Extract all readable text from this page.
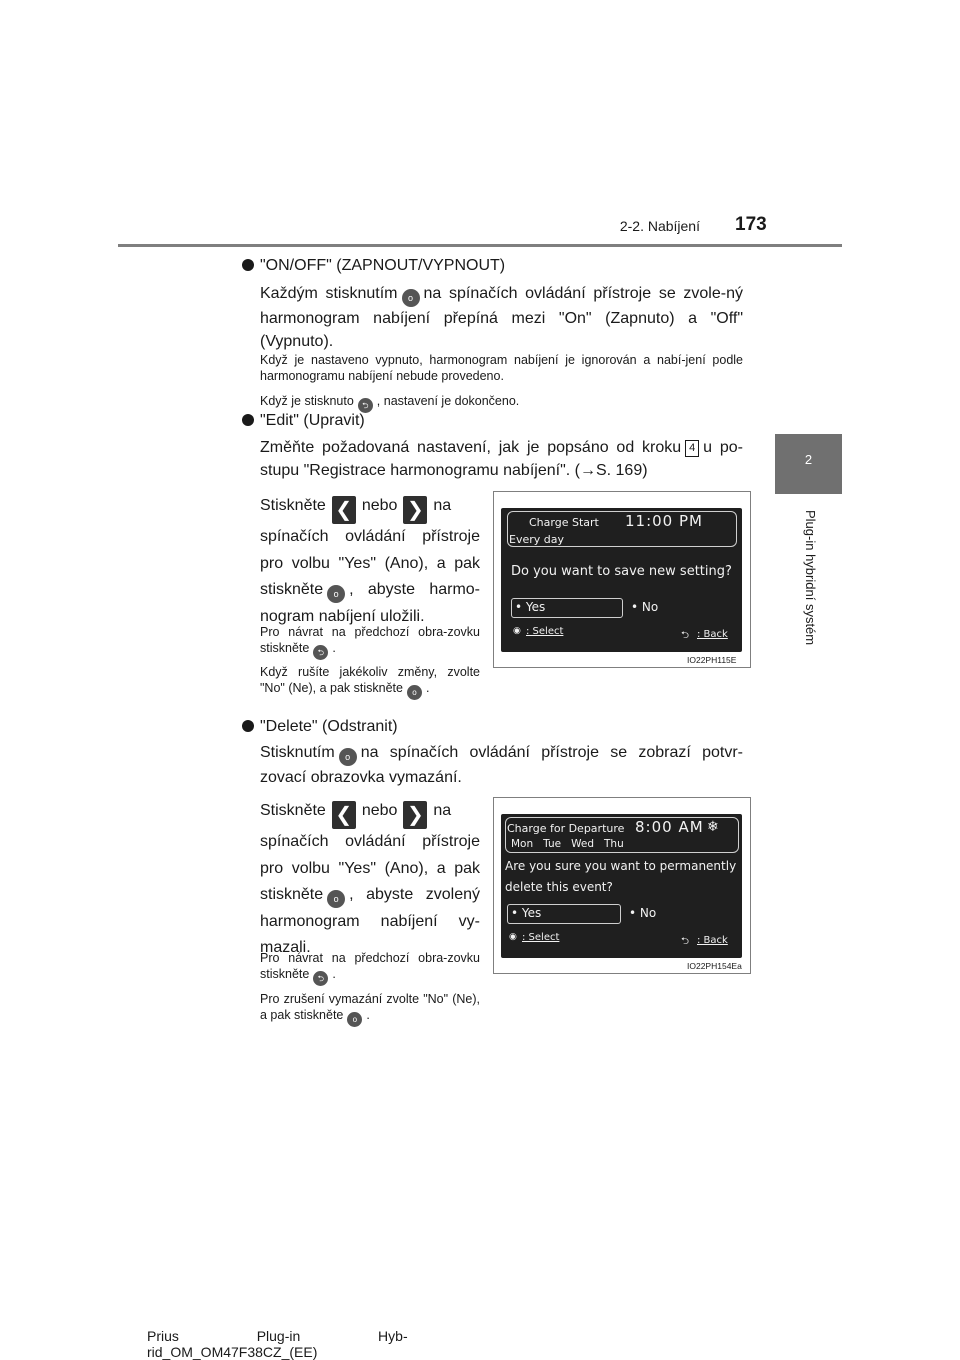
2-2. Nabíjení 173
2
Plug-in hybridní systém
"ON/OFF" (ZAPNOUT/VYPNOUT)
Každým stisknutím o na spínačích ovládání přístroje se zvole-ný harmonogram nabíjení přepíná mezi "On" (Zapnuto) a "Off" (Vypnuto).
Když je nastaveno vypnuto, harmonogram nabíjení je ignorován a nabí-jení podle harmonogramu nabíjení nebude provedeno.
Když je stisknuto ⮌ , nastavení je dokončeno.
"Edit" (Upravit)
Změňte požadovaná nastavení, jak je popsáno od kroku 4 u po-stupu "Registrace harmonogramu nabíjení". (→S. 169)
Stiskněte ❮ nebo ❯ na spínačích ovládání přístroje pro volbu "Yes" (Ano), a pak stiskněte o , abyste harmo-nogram nabíjení uložili.
Pro návrat na předchozí obra-zovku stiskněte ⮌ .
Když rušíte jakékoliv změny, zvolte "No" (Ne), a pak stiskněte o .
Charge Start 11:00 PM
Every day
Do you want to save new setting?
• Yes	• No
◉ : Select	⮌ : Back
IO22PH115E
"Delete" (Odstranit)
Stisknutím o na spínačích ovládání přístroje se zobrazí potvr-zovací obrazovka vymazání.
Stiskněte ❮ nebo ❯ na spínačích ovládání přístroje pro volbu "Yes" (Ano), a pak stiskněte o , abyste zvolený harmonogram nabíjení vy-mazali.
Pro návrat na předchozí obra-zovku stiskněte ⮌ .
Pro zrušení vymazání zvolte "No" (Ne), a pak stiskněte o .
Charge for Departure 8:00 AM ❄
Mon   Tue   Wed   Thu
Are you sure you want to permanently
delete this event?
• Yes	• No
◉ : Select	⮌ : Back
IO22PH154Ea
Prius                    Plug-in                    Hyb-
rid_OM_OM47F38CZ_(EE)
